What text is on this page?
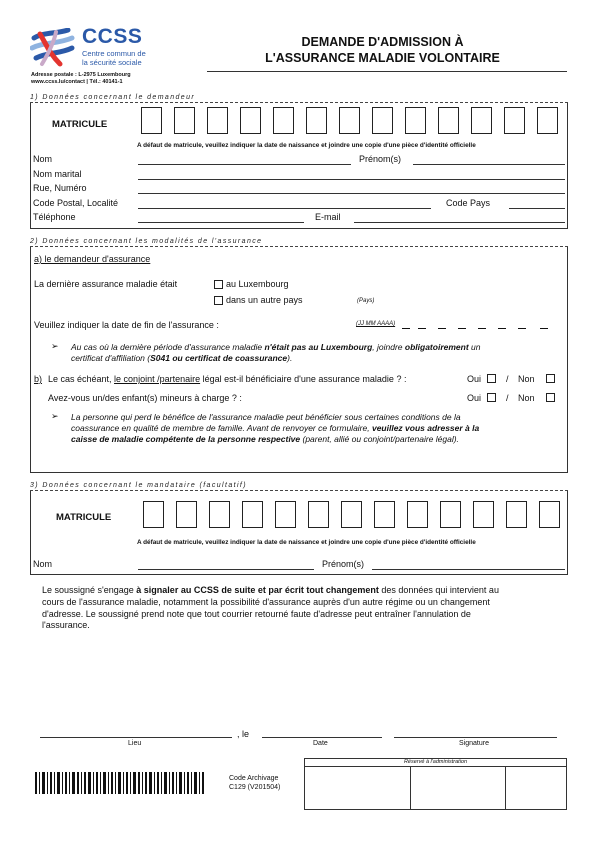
CCSS
Centre commun de
la sécurité sociale
Adresse postale : L-2975 Luxembourg
www.ccss.lu/contact | Tél.: 40141-1
DEMANDE D'ADMISSION À
L'ASSURANCE MALADIE VOLONTAIRE
1) Données concernant le demandeur
MATRICULE
A défaut de matricule, veuillez indiquer la date de naissance et joindre une copie d'une pièce d'identité officielle
Nom	Prénom(s)
Nom marital
Rue, Numéro
Code Postal, Localité	Code Pays
Téléphone	E-mail
2) Données concernant les modalités de l'assurance
a) le demandeur d'assurance
La dernière assurance maladie était	au Luxembourg
dans un autre pays	(Pays)
Veuillez indiquer la date de fin de l'assurance :	(JJ MM AAAA)
➢ Au cas où la dernière période d'assurance maladie n'était pas au Luxembourg, joindre obligatoirement un
certificat d'affiliation (S041 ou certificat de coassurance).
b) Le cas échéant, le conjoint /partenaire légal est-il bénéficiaire d'une assurance maladie ? :	Oui	/ Non
Avez-vous un/des enfant(s) mineurs à charge ? :	Oui	/ Non
➢ La personne qui perd le bénéfice de l'assurance maladie peut bénéficier sous certaines conditions de la
coassurance en qualité de membre de famille. Avant de renvoyer ce formulaire, veuillez vous adresser à la
caisse de maladie compétente de la personne respective (parent, allié ou conjoint/partenaire légal).
3) Données concernant le mandataire (facultatif)
MATRICULE
A défaut de matricule, veuillez indiquer la date de naissance et joindre une copie d'une pièce d'identité officielle
Nom	Prénom(s)
Le soussigné s'engage à signaler au CCSS de suite et par écrit tout changement des données qui intervient au
cours de l'assurance maladie, notamment la possibilité d'assurance auprès d'un autre régime ou un changement
d'adresse. Le soussigné prend note que tout courrier retourné faute d'adresse peut entraîner l'annulation de
l'assurance.
, le
Lieu	Date	Signature
Code Archivage
C129 (V201504)
Réservé à l'administration
